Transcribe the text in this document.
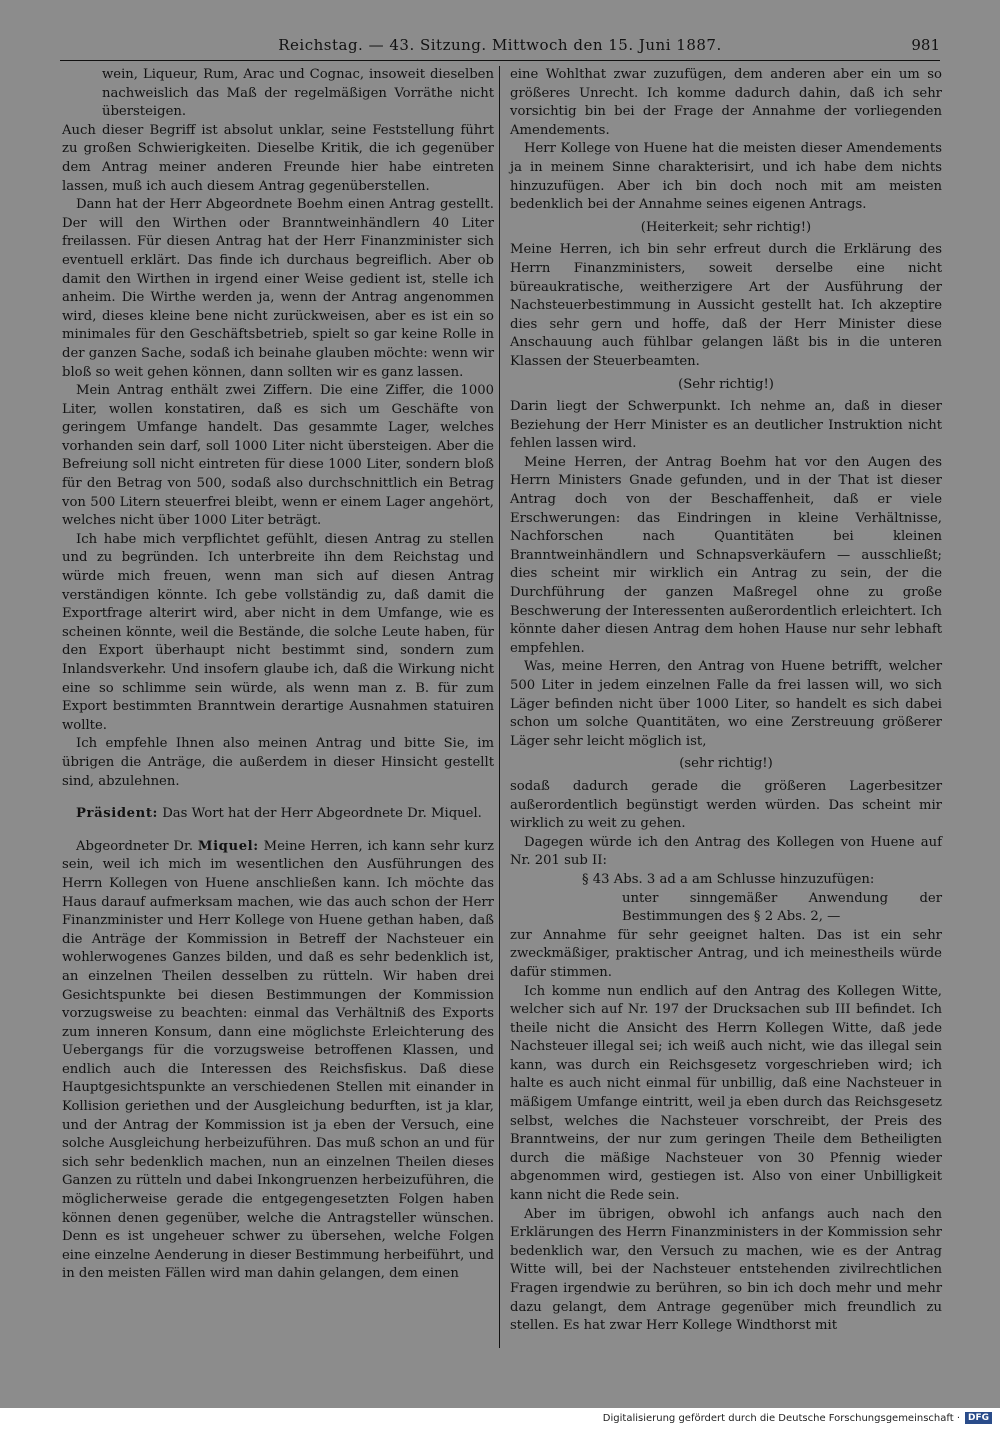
Reichstag. — 43. Sitzung. Mittwoch den 15. Juni 1887.	981

wein, Liqueur, Rum, Arac und Cognac, insoweit dieselben nachweislich das Maß der regelmäßigen Vorräthe nicht übersteigen.

Auch dieser Begriff ist absolut unklar, seine Feststellung führt zu großen Schwierigkeiten. Dieselbe Kritik, die ich gegenüber dem Antrag meiner anderen Freunde hier habe eintreten lassen, muß ich auch diesem Antrag gegenüberstellen.

Dann hat der Herr Abgeordnete Boehm einen Antrag gestellt. Der will den Wirthen oder Branntweinhändlern 40 Liter freilassen. Für diesen Antrag hat der Herr Finanzminister sich eventuell erklärt. Das finde ich durchaus begreiflich. Aber ob damit den Wirthen in irgend einer Weise gedient ist, stelle ich anheim. Die Wirthe werden ja, wenn der Antrag angenommen wird, dieses kleine bene nicht zurückweisen, aber es ist ein so minimales für den Geschäftsbetrieb, spielt so gar keine Rolle in der ganzen Sache, sodaß ich beinahe glauben möchte: wenn wir bloß so weit gehen können, dann sollten wir es ganz lassen.

Mein Antrag enthält zwei Ziffern. Die eine Ziffer, die 1000 Liter, wollen konstatiren, daß es sich um Geschäfte von geringem Umfange handelt. Das gesammte Lager, welches vorhanden sein darf, soll 1000 Liter nicht übersteigen. Aber die Befreiung soll nicht eintreten für diese 1000 Liter, sondern bloß für den Betrag von 500, sodaß also durchschnittlich ein Betrag von 500 Litern steuerfrei bleibt, wenn er einem Lager angehört, welches nicht über 1000 Liter beträgt.

Ich habe mich verpflichtet gefühlt, diesen Antrag zu stellen und zu begründen. Ich unterbreite ihn dem Reichstag und würde mich freuen, wenn man sich auf diesen Antrag verständigen könnte. Ich gebe vollständig zu, daß damit die Exportfrage alterirt wird, aber nicht in dem Umfange, wie es scheinen könnte, weil die Bestände, die solche Leute haben, für den Export überhaupt nicht bestimmt sind, sondern zum Inlandsverkehr. Und insofern glaube ich, daß die Wirkung nicht eine so schlimme sein würde, als wenn man z. B. für zum Export bestimmten Branntwein derartige Ausnahmen statuiren wollte.

Ich empfehle Ihnen also meinen Antrag und bitte Sie, im übrigen die Anträge, die außerdem in dieser Hinsicht gestellt sind, abzulehnen.

Präsident: Das Wort hat der Herr Abgeordnete Dr. Miquel.

Abgeordneter Dr. Miquel: Meine Herren, ich kann sehr kurz sein, weil ich mich im wesentlichen den Ausführungen des Herrn Kollegen von Huene anschließen kann. Ich möchte das Haus darauf aufmerksam machen, wie das auch schon der Herr Finanzminister und Herr Kollege von Huene gethan haben, daß die Anträge der Kommission in Betreff der Nachsteuer ein wohlerwogenes Ganzes bilden, und daß es sehr bedenklich ist, an einzelnen Theilen desselben zu rütteln. Wir haben drei Gesichtspunkte bei diesen Bestimmungen der Kommission vorzugsweise zu beachten: einmal das Verhältniß des Exports zum inneren Konsum, dann eine möglichste Erleichterung des Uebergangs für die vorzugsweise betroffenen Klassen, und endlich auch die Interessen des Reichsfiskus. Daß diese Hauptgesichtspunkte an verschiedenen Stellen mit einander in Kollision geriethen und der Ausgleichung bedurften, ist ja klar, und der Antrag der Kommission ist ja eben der Versuch, eine solche Ausgleichung herbeizuführen. Das muß schon an und für sich sehr bedenklich machen, nun an einzelnen Theilen dieses Ganzen zu rütteln und dabei Inkongruenzen herbeizuführen, die möglicherweise gerade die entgegengesetzten Folgen haben können denen gegenüber, welche die Antragsteller wünschen. Denn es ist ungeheuer schwer zu übersehen, welche Folgen eine einzelne Aenderung in dieser Bestimmung herbeiführt, und in den meisten Fällen wird man dahin gelangen, dem einen

eine Wohlthat zwar zuzufügen, dem anderen aber ein um so größeres Unrecht. Ich komme dadurch dahin, daß ich sehr vorsichtig bin bei der Frage der Annahme der vorliegenden Amendements.

Herr Kollege von Huene hat die meisten dieser Amendements ja in meinem Sinne charakterisirt, und ich habe dem nichts hinzuzufügen. Aber ich bin doch noch mit am meisten bedenklich bei der Annahme seines eigenen Antrags.

(Heiterkeit; sehr richtig!)

Meine Herren, ich bin sehr erfreut durch die Erklärung des Herrn Finanzministers, soweit derselbe eine nicht büreaukratische, weitherzigere Art der Ausführung der Nachsteuerbestimmung in Aussicht gestellt hat. Ich akzeptire dies sehr gern und hoffe, daß der Herr Minister diese Anschauung auch fühlbar gelangen läßt bis in die unteren Klassen der Steuerbeamten.

(Sehr richtig!)

Darin liegt der Schwerpunkt. Ich nehme an, daß in dieser Beziehung der Herr Minister es an deutlicher Instruktion nicht fehlen lassen wird.

Meine Herren, der Antrag Boehm hat vor den Augen des Herrn Ministers Gnade gefunden, und in der That ist dieser Antrag doch von der Beschaffenheit, daß er viele Erschwerungen: das Eindringen in kleine Verhältnisse, Nachforschen nach Quantitäten bei kleinen Branntweinhändlern und Schnapsverkäufern — ausschließt; dies scheint mir wirklich ein Antrag zu sein, der die Durchführung der ganzen Maßregel ohne zu große Beschwerung der Interessenten außerordentlich erleichtert. Ich könnte daher diesen Antrag dem hohen Hause nur sehr lebhaft empfehlen.

Was, meine Herren, den Antrag von Huene betrifft, welcher 500 Liter in jedem einzelnen Falle da frei lassen will, wo sich Läger befinden nicht über 1000 Liter, so handelt es sich dabei schon um solche Quantitäten, wo eine Zerstreuung größerer Läger sehr leicht möglich ist,

(sehr richtig!)

sodaß dadurch gerade die größeren Lagerbesitzer außerordentlich begünstigt werden würden. Das scheint mir wirklich zu weit zu gehen.

Dagegen würde ich den Antrag des Kollegen von Huene auf Nr. 201 sub II:

§ 43 Abs. 3 ad a am Schlusse hinzuzufügen:

unter sinngemäßer Anwendung der Bestimmungen des § 2 Abs. 2, —

zur Annahme für sehr geeignet halten. Das ist ein sehr zweckmäßiger, praktischer Antrag, und ich meinestheils würde dafür stimmen.

Ich komme nun endlich auf den Antrag des Kollegen Witte, welcher sich auf Nr. 197 der Drucksachen sub III befindet. Ich theile nicht die Ansicht des Herrn Kollegen Witte, daß jede Nachsteuer illegal sei; ich weiß auch nicht, wie das illegal sein kann, was durch ein Reichsgesetz vorgeschrieben wird; ich halte es auch nicht einmal für unbillig, daß eine Nachsteuer in mäßigem Umfange eintritt, weil ja eben durch das Reichsgesetz selbst, welches die Nachsteuer vorschreibt, der Preis des Branntweins, der nur zum geringen Theile dem Betheiligten durch die mäßige Nachsteuer von 30 Pfennig wieder abgenommen wird, gestiegen ist. Also von einer Unbilligkeit kann nicht die Rede sein.

Aber im übrigen, obwohl ich anfangs auch nach den Erklärungen des Herrn Finanzministers in der Kommission sehr bedenklich war, den Versuch zu machen, wie es der Antrag Witte will, bei der Nachsteuer entstehenden zivilrechtlichen Fragen irgendwie zu berühren, so bin ich doch mehr und mehr dazu gelangt, dem Antrage gegenüber mich freundlich zu stellen. Es hat zwar Herr Kollege Windthorst mit

Digitalisierung gefördert durch die Deutsche Forschungsgemeinschaft · DFG
